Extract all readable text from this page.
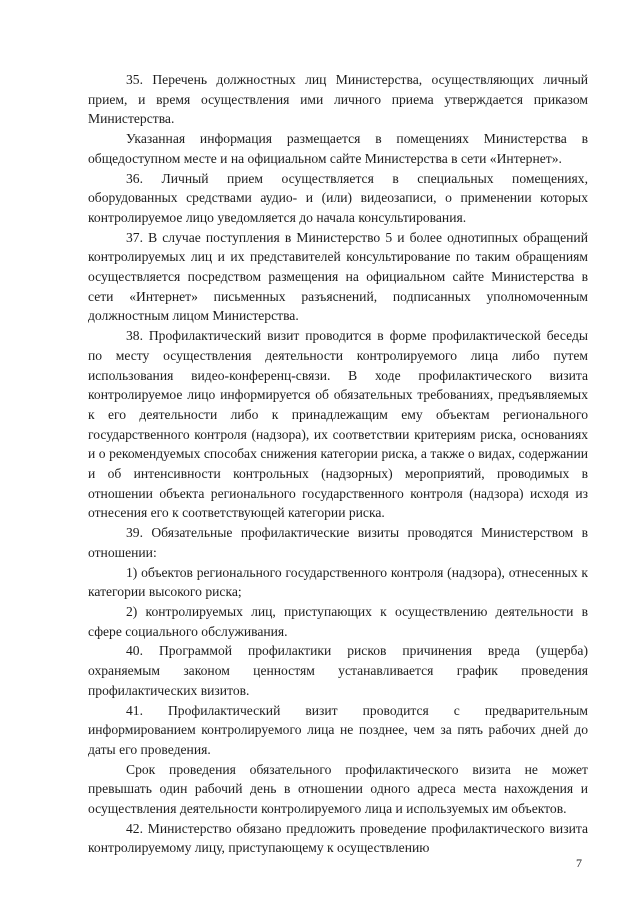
35. Перечень должностных лиц Министерства, осуществляющих личный прием, и время осуществления ими личного приема утверждается приказом Министерства.

Указанная информация размещается в помещениях Министерства в общедоступном месте и на официальном сайте Министерства в сети «Интернет».

36. Личный прием осуществляется в специальных помещениях, оборудованных средствами аудио- и (или) видеозаписи, о применении которых контролируемое лицо уведомляется до начала консультирования.

37. В случае поступления в Министерство 5 и более однотипных обращений контролируемых лиц и их представителей консультирование по таким обращениям осуществляется посредством размещения на официальном сайте Министерства в сети «Интернет» письменных разъяснений, подписанных уполномоченным должностным лицом Министерства.

38. Профилактический визит проводится в форме профилактической беседы по месту осуществления деятельности контролируемого лица либо путем использования видео-конференц-связи. В ходе профилактического визита контролируемое лицо информируется об обязательных требованиях, предъявляемых к его деятельности либо к принадлежащим ему объектам регионального государственного контроля (надзора), их соответствии критериям риска, основаниях и о рекомендуемых способах снижения категории риска, а также о видах, содержании и об интенсивности контрольных (надзорных) мероприятий, проводимых в отношении объекта регионального государственного контроля (надзора) исходя из отнесения его к соответствующей категории риска.

39. Обязательные профилактические визиты проводятся Министерством в отношении:

1) объектов регионального государственного контроля (надзора), отнесенных к категории высокого риска;

2) контролируемых лиц, приступающих к осуществлению деятельности в сфере социального обслуживания.

40. Программой профилактики рисков причинения вреда (ущерба) охраняемым законом ценностям устанавливается график проведения профилактических визитов.

41. Профилактический визит проводится с предварительным информированием контролируемого лица не позднее, чем за пять рабочих дней до даты его проведения.

Срок проведения обязательного профилактического визита не может превышать один рабочий день в отношении одного адреса места нахождения и осуществления деятельности контролируемого лица и используемых им объектов.

42. Министерство обязано предложить проведение профилактического визита контролируемому лицу, приступающему к осуществлению

7
